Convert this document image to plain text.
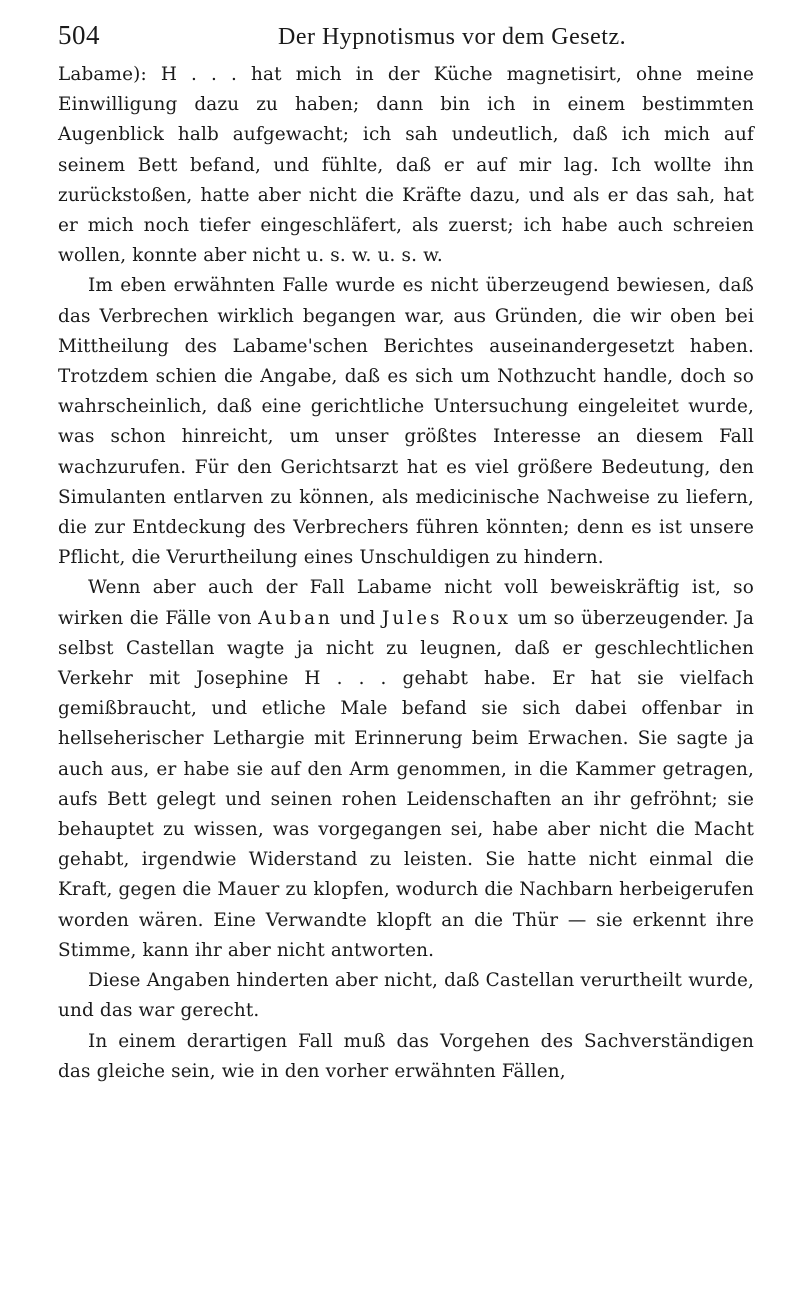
504	Der Hypnotismus vor dem Gesetz.

Labame): H . . . hat mich in der Küche magnetisirt, ohne meine Einwilligung dazu zu haben; dann bin ich in einem bestimmten Augenblick halb aufgewacht; ich sah undeutlich, daß ich mich auf seinem Bett befand, und fühlte, daß er auf mir lag. Ich wollte ihn zurückstoßen, hatte aber nicht die Kräfte dazu, und als er das sah, hat er mich noch tiefer eingeschläfert, als zuerst; ich habe auch schreien wollen, konnte aber nicht u. s. w. u. s. w.

Im eben erwähnten Falle wurde es nicht überzeugend bewiesen, daß das Verbrechen wirklich begangen war, aus Gründen, die wir oben bei Mittheilung des Labame'schen Berichtes auseinandergesetzt haben. Trotzdem schien die Angabe, daß es sich um Nothzucht handle, doch so wahrscheinlich, daß eine gerichtliche Untersuchung eingeleitet wurde, was schon hinreicht, um unser größtes Interesse an diesem Fall wachzurufen. Für den Gerichtsarzt hat es viel größere Bedeutung, den Simulanten entlarven zu können, als medicinische Nachweise zu liefern, die zur Entdeckung des Verbrechers führen könnten; denn es ist unsere Pflicht, die Verurtheilung eines Unschuldigen zu hindern.

Wenn aber auch der Fall Labame nicht voll beweiskräftig ist, so wirken die Fälle von Auban und Jules Roux um so überzeugender. Ja selbst Castellan wagte ja nicht zu leugnen, daß er geschlechtlichen Verkehr mit Josephine H . . . gehabt habe. Er hat sie vielfach gemißbraucht, und etliche Male befand sie sich dabei offenbar in hellseherischer Lethargie mit Erinnerung beim Erwachen. Sie sagte ja auch aus, er habe sie auf den Arm genommen, in die Kammer getragen, aufs Bett gelegt und seinen rohen Leidenschaften an ihr gefröhnt; sie behauptet zu wissen, was vorgegangen sei, habe aber nicht die Macht gehabt, irgendwie Widerstand zu leisten. Sie hatte nicht einmal die Kraft, gegen die Mauer zu klopfen, wodurch die Nachbarn herbeigerufen worden wären. Eine Verwandte klopft an die Thür — sie erkennt ihre Stimme, kann ihr aber nicht antworten.

Diese Angaben hinderten aber nicht, daß Castellan verurtheilt wurde, und das war gerecht.

In einem derartigen Fall muß das Vorgehen des Sachverständigen das gleiche sein, wie in den vorher erwähnten Fällen,
